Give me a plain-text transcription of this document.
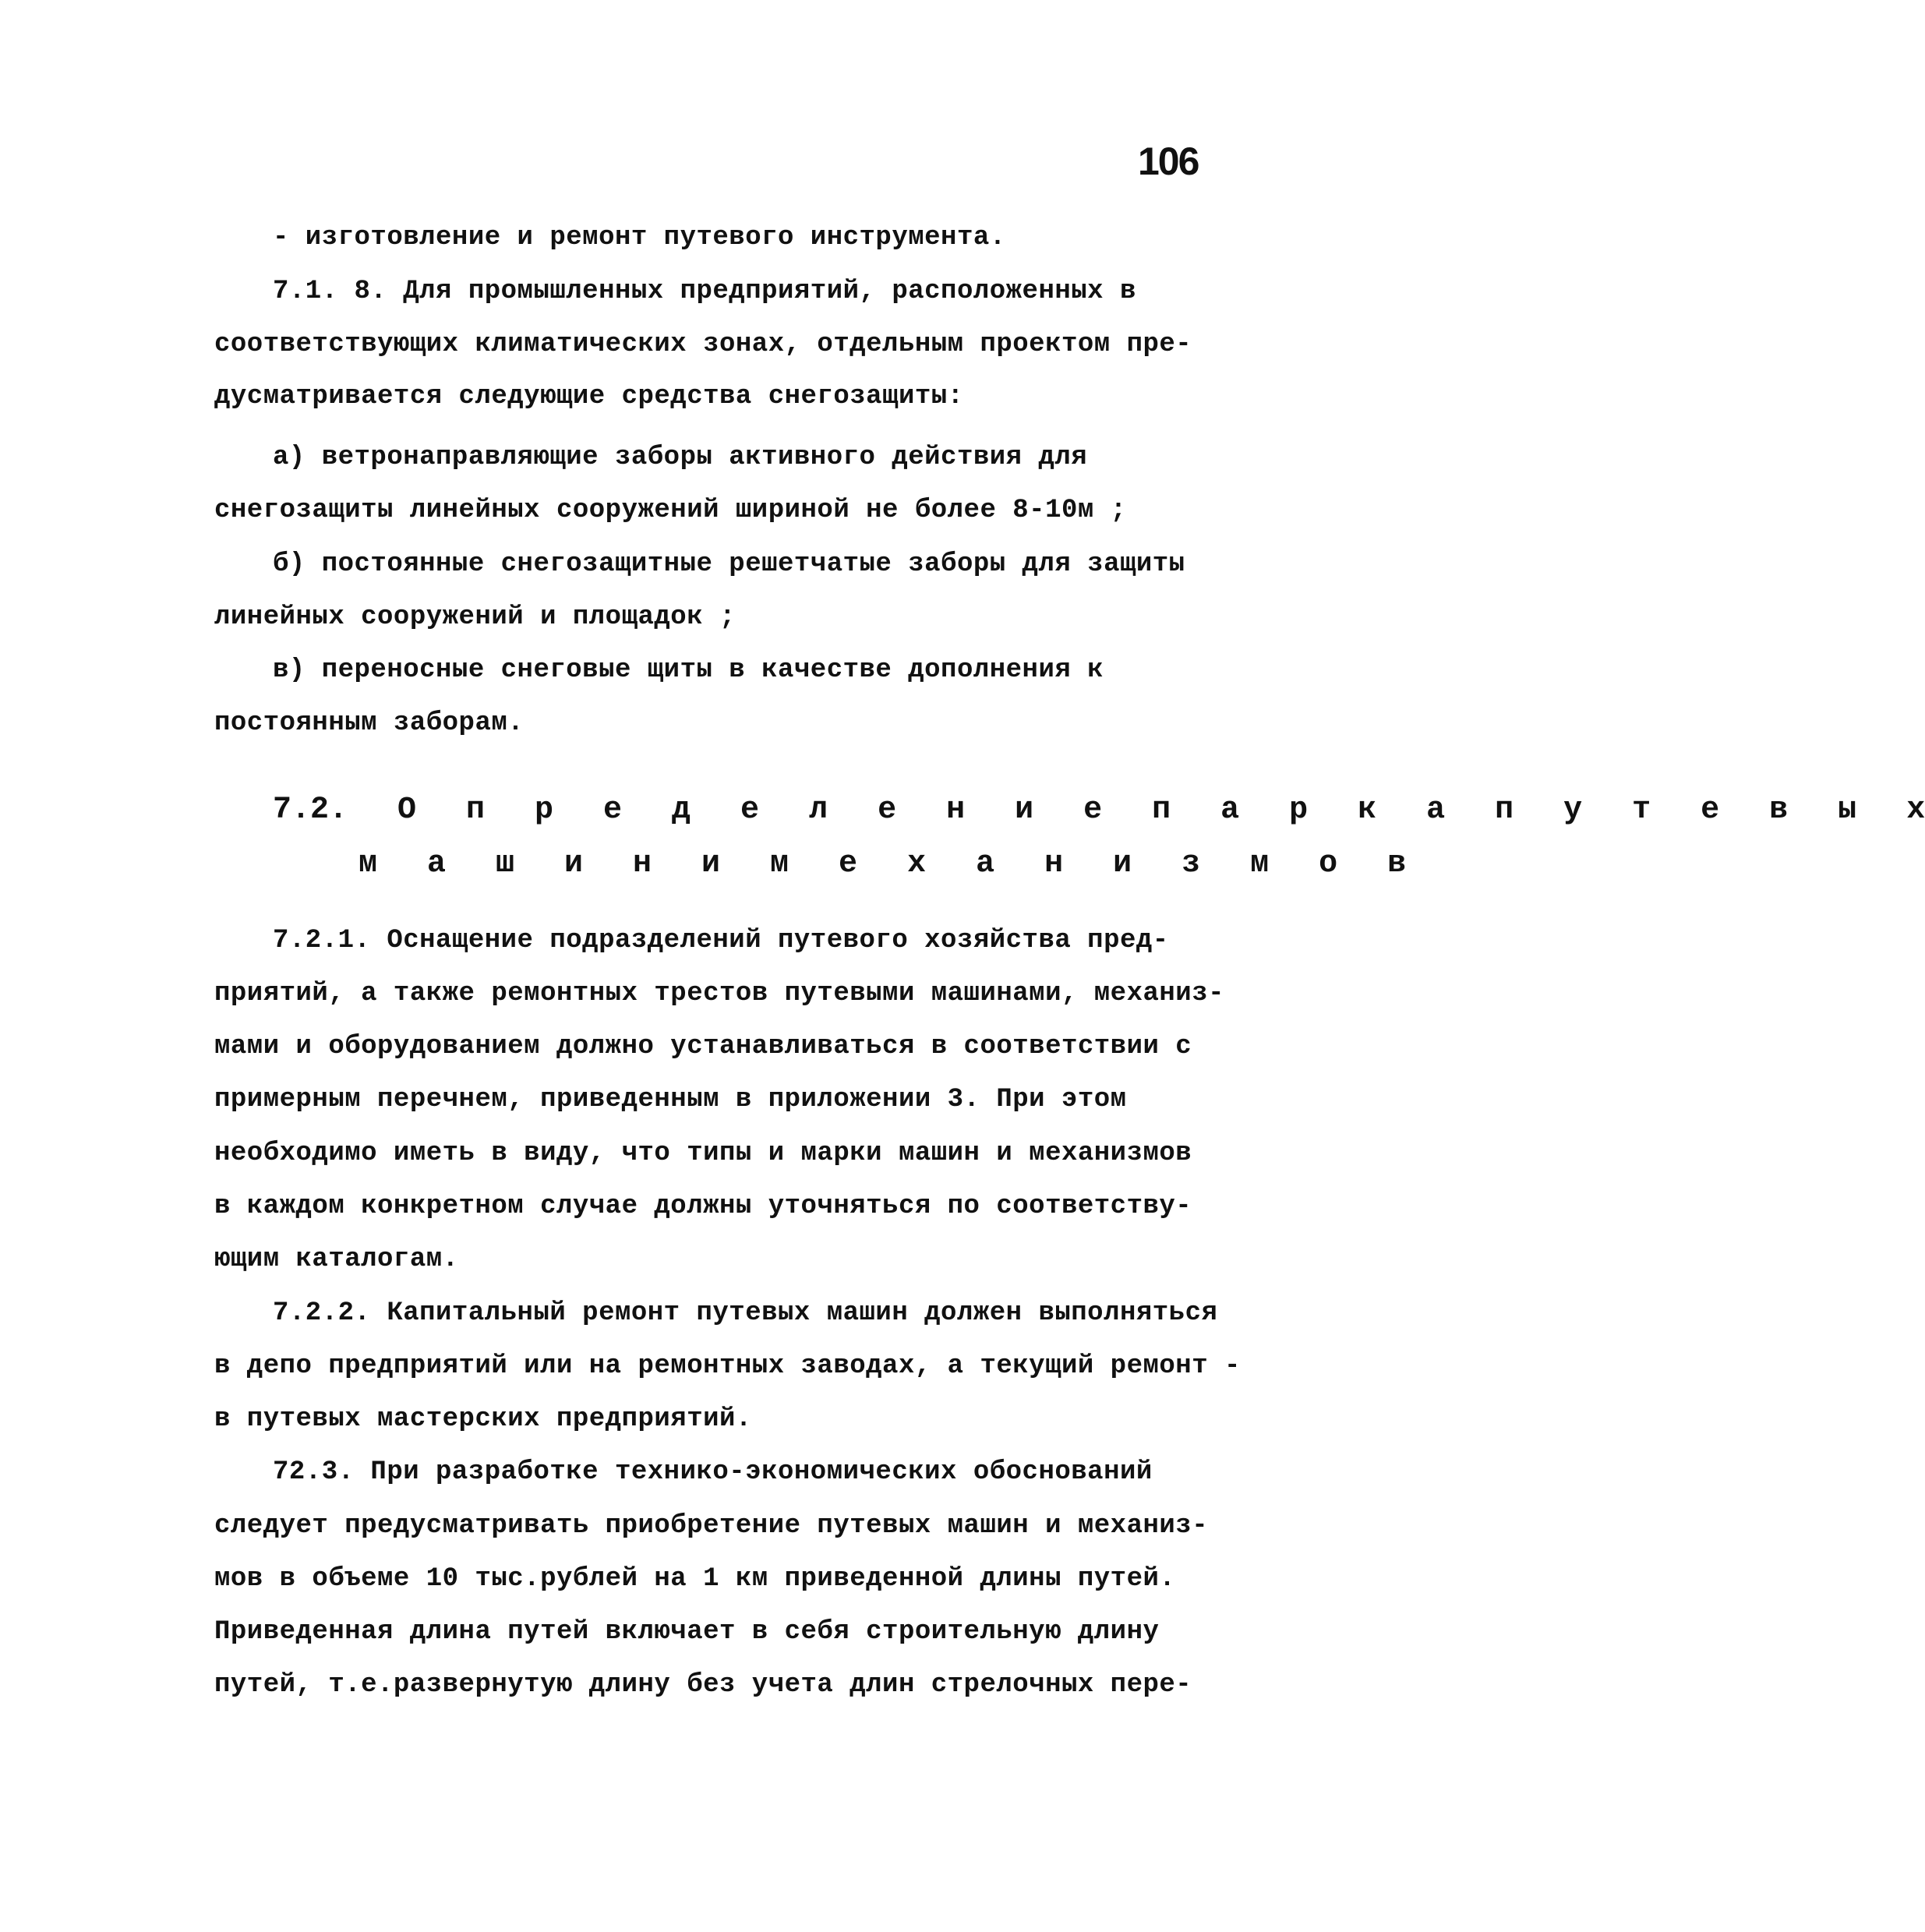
106
- изготовление и ремонт путевого инструмента.
7.1. 8. Для промышленных предприятий, расположенных в
соответствующих климатических зонах, отдельным проектом пре-
дусматривается следующие средства снегозащиты:
а) ветронаправляющие заборы активного действия для
снегозащиты линейных сооружений шириной не более 8-10м ;
б) постоянные снегозащитные решетчатые заборы для защиты
линейных сооружений и площадок ;
в) переносные снеговые щиты в качестве дополнения к
постоянным заборам.
7.2. О п р е д е л е н и е п а р к а п у т е в ы х
м а ш и н и м е х а н и з м о в
7.2.1. Оснащение подразделений путевого хозяйства пред-
приятий, а также ремонтных трестов путевыми машинами, механиз-
мами и оборудованием должно устанавливаться в соответствии с
примерным перечнем, приведенным в приложении 3. При этом
необходимо иметь в виду, что типы и марки машин и механизмов
в каждом конкретном случае должны уточняться по соответству-
ющим каталогам.
7.2.2. Капитальный ремонт путевых машин должен выполняться
в депо предприятий или на ремонтных заводах, а текущий ремонт -
в путевых мастерских предприятий.
72.3. При разработке технико-экономических обоснований
следует предусматривать приобретение путевых машин и механиз-
мов в объеме 10 тыс.рублей на 1 км приведенной длины путей.
Приведенная длина путей включает в себя строительную длину
путей, т.е.развернутую длину без учета длин стрелочных пере-
